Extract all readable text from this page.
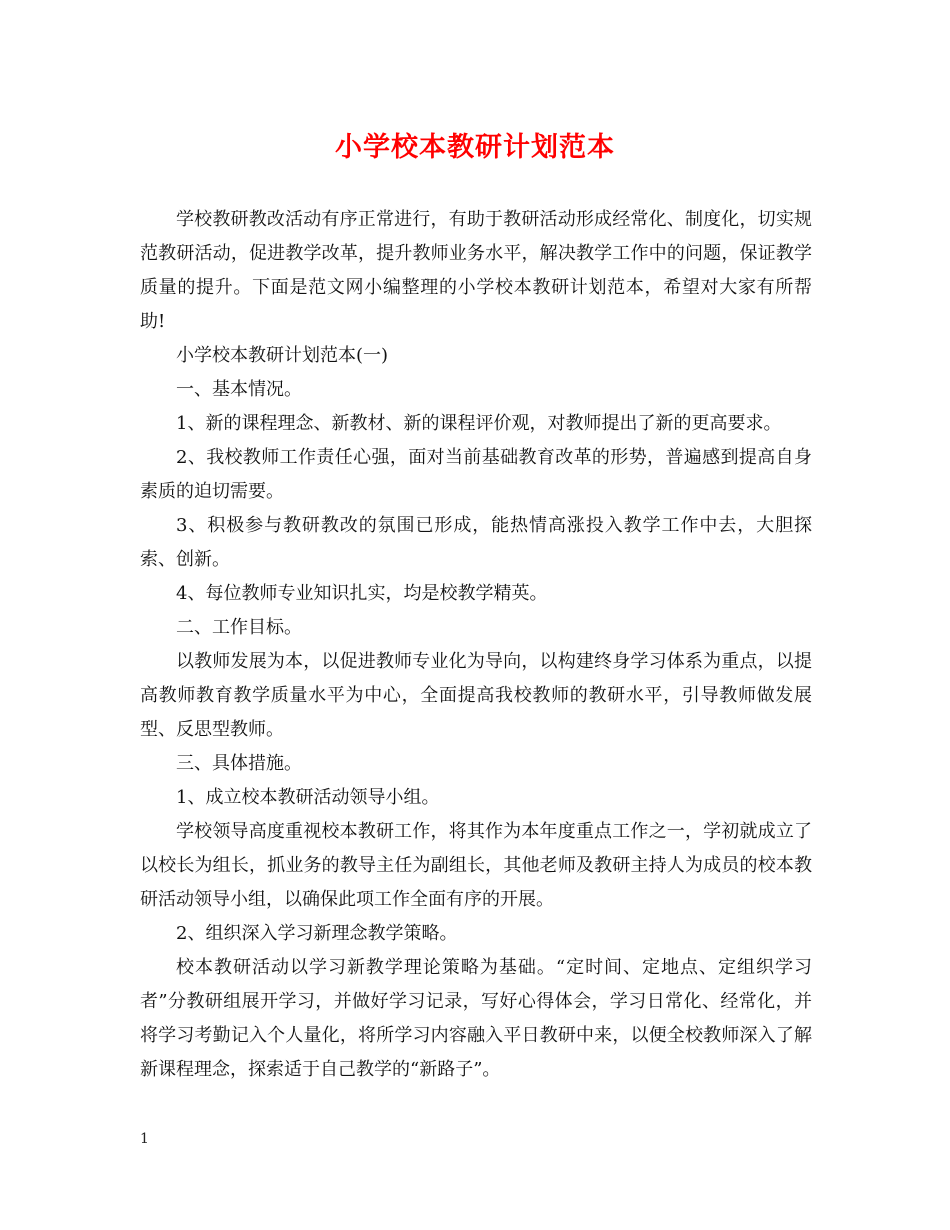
小学校本教研计划范本

学校教研教改活动有序正常进行，有助于教研活动形成经常化、制度化，切实规范教研活动，促进教学改革，提升教师业务水平，解决教学工作中的问题，保证教学质量的提升。下面是范文网小编整理的小学校本教研计划范本，希望对大家有所帮助!

小学校本教研计划范本(一)

一、基本情况。

1、新的课程理念、新教材、新的课程评价观，对教师提出了新的更高要求。

2、我校教师工作责任心强，面对当前基础教育改革的形势，普遍感到提高自身素质的迫切需要。

3、积极参与教研教改的氛围已形成，能热情高涨投入教学工作中去，大胆探索、创新。

4、每位教师专业知识扎实，均是校教学精英。

二、工作目标。

以教师发展为本，以促进教师专业化为导向，以构建终身学习体系为重点，以提高教师教育教学质量水平为中心，全面提高我校教师的教研水平，引导教师做发展型、反思型教师。

三、具体措施。

1、成立校本教研活动领导小组。

学校领导高度重视校本教研工作，将其作为本年度重点工作之一，学初就成立了以校长为组长，抓业务的教导主任为副组长，其他老师及教研主持人为成员的校本教研活动领导小组，以确保此项工作全面有序的开展。

2、组织深入学习新理念教学策略。

校本教研活动以学习新教学理论策略为基础。“定时间、定地点、定组织学习者”分教研组展开学习，并做好学习记录，写好心得体会，学习日常化、经常化，并将学习考勤记入个人量化，将所学习内容融入平日教研中来，以便全校教师深入了解新课程理念，探索适于自己教学的“新路子”。

1
